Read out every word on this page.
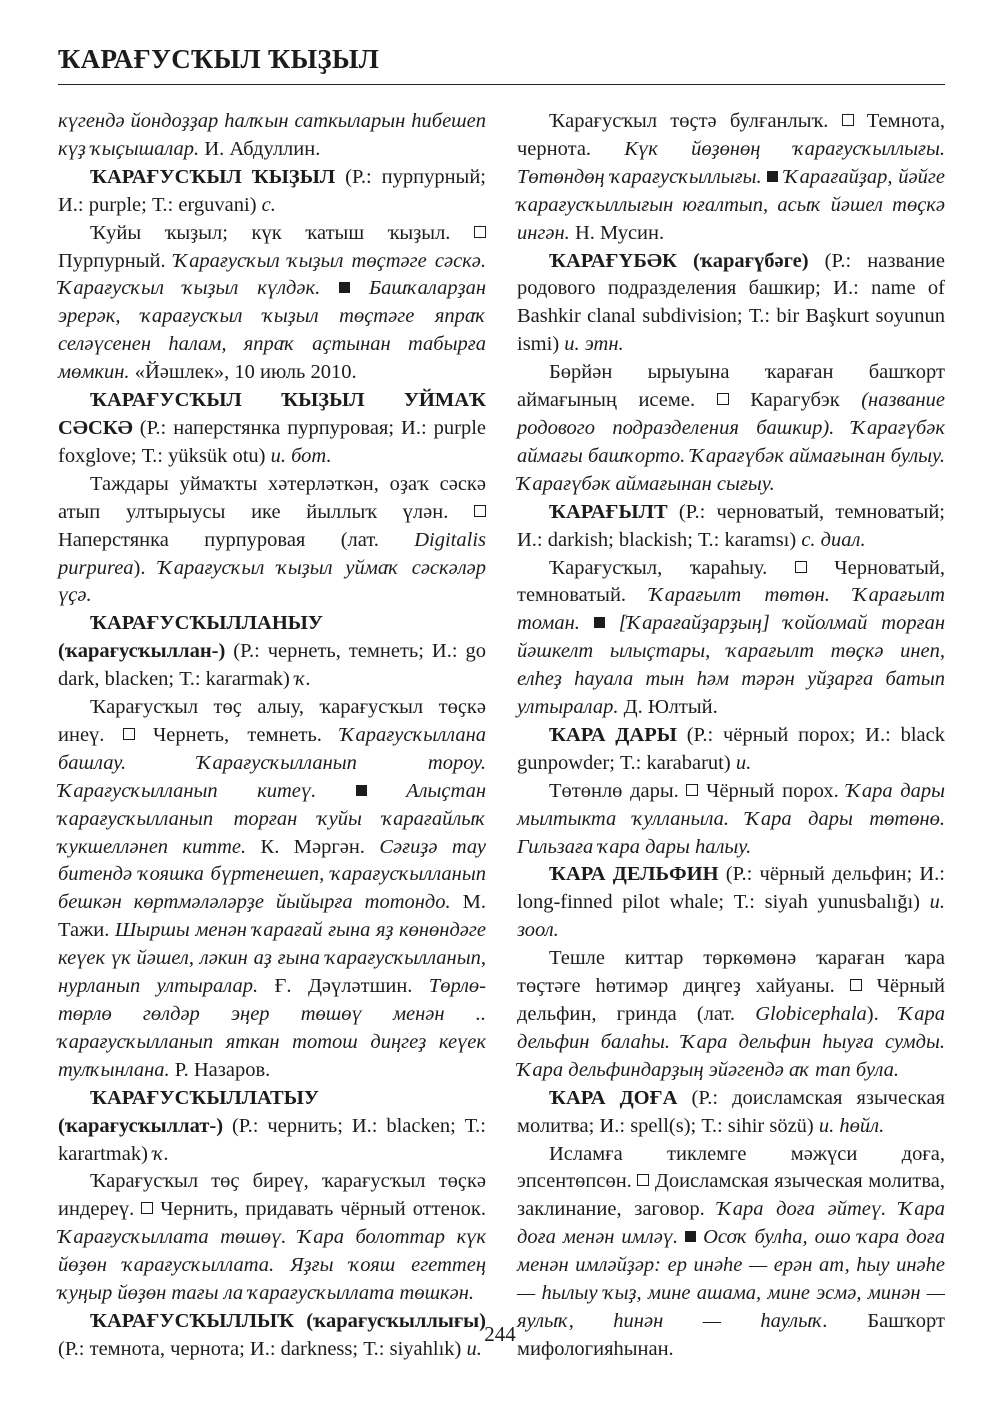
ҠАРАҒУСҠЫЛ ҠЫҘЫЛ

күгендә йондоҙҙар һалҡын саткыларын һибешеп күҙ ҡыҫышалар. И. Абдуллин.

ҠАРАҒУСҠЫЛ ҠЫҘЫЛ (Р.: пурпурный; И.: purple; Т.: erguvani) с.

Ҡуйы ҡыҙыл; күк ҡатыш ҡыҙыл.  Пурпурный. Ҡарағусҡыл ҡыҙыл төҫтәге сәскә. Ҡарағусҡыл ҡыҙыл күлдәк.  Башҡаларҙан эрерәк, ҡарағусҡыл ҡыҙыл төҫтәге япраҡ селәүсенен һалам, япраҡ аҫтынан табырға мөмкин. «Йәшлек», 10 июль 2010.

ҠАРАҒУСҠЫЛ ҠЫҘЫЛ УЙМАҠ СӘСКӘ (Р.: наперстянка пурпуровая; И.: purple foxglove; Т.: yüksük otu) и. бот.

Таждары уймаҡты хәтерләткән, оҙаҡ сәскә атып ултырыусы ике йыллыҡ үлән.  Наперстянка пурпуровая (лат. Digitalis purpurea). Ҡарағусҡыл ҡыҙыл уймаҡ сәскәләр үҫә.

ҠАРАҒУСҠЫЛЛАНЫУ (ҡарағусҡыллан-) (Р.: чернеть, темнеть; И.: go dark, blacken; Т.: kararmak) ҡ.

Ҡарағусҡыл төҫ алыу, ҡарағусҡыл төҫкә инеү.  Чернеть, темнеть. Ҡарағусҡыллана башлау. Ҡарағусҡылланып тороу. Ҡарағусҡылланып китеү.  Алыҫтан ҡарағусҡылланып торған ҡуйы ҡарағайлыҡ ҡукшелләнеп китте. К. Мәргән. Сәғиҙә тау битендә ҡояшка бүртенешеп, ҡарағусҡылланып бешкән көртмәләләрҙе йыйырға тотондо. М. Тажи. Шыршы менән ҡарағай ғына яҙ көнөндәге кеүек үк йәшел, ләкин аҙ ғына ҡарағусҡылланып, нурланып ултыралар. Ғ. Дәүләтшин. Төрлө-төрлө гөлдәр эңер төшөү менән .. ҡарағусҡылланып яткан тотош диңгеҙ кеүек тулҡынлана. Р. Назаров.

ҠАРАҒУСҠЫЛЛАТЫУ (ҡарағусҡыллат-) (Р.: чернить; И.: blacken; Т.: karartmak) ҡ.

Ҡарағусҡыл төҫ биреү, ҡарағусҡыл төҫкә индереү.  Чернить, придавать чёрный оттенок. Ҡарағусҡыллата төшөү. Ҡара болоттар күк йөҙөн ҡарағусҡыллата. Яҙғы ҡояш егеттең ҡуңыр йөҙөн тағы ла ҡарағусҡыллата төшкән.

ҠАРАҒУСҠЫЛЛЫҠ (ҡарағусҡыллығы) (Р.: темнота, чернота; И.: darkness; Т.: siyahlık) и.

Ҡарағусҡыл төҫтә булғанлыҡ.  Темнота, чернота. Күк йөҙөнөң ҡарағусҡыллығы. Төтөндөң ҡарағусҡыллығы.  Ҡарағайҙар, йәйге ҡарағусҡыллығын юғалтып, асыҡ йәшел төҫкә ингән. Н. Мусин.

ҠАРАҒҮБӘК (ҡарағүбәге) (Р.: название родового подразделения башкир; И.: name of Bashkir clanal subdivision; Т.: bir Başkurt soyunun ismi) и. этн.

Бөрйән ырыуына ҡараған башҡорт аймағының исеме.  Карагубэк (название родового подразделения башкир). Ҡарағүбәк аймағы башҡорто. Ҡарағүбәк аймағынан булыу. Ҡарағүбәк аймағынан сығыу.

ҠАРАҒЫЛТ (Р.: черноватый, темноватый; И.: darkish; blackish; Т.: karamsı) с. диал.

Ҡарағусҡыл, ҡараһыу.  Черноватый, темноватый. Ҡарағылт төтөн. Ҡарағылт томан.  [Ҡарағайҙарҙың] ҡойолмай торған йәшкелт ылыҫтары, ҡарағылт төҫкә инеп, елһеҙ һауала тын һәм тәрән уйҙарға батып ултыралар. Д. Юлтый.

ҠАРА ДАРЫ (Р.: чёрный порох; И.: black gunpowder; Т.: karabarut) и.

Төтөнлө дары.  Чёрный порох. Ҡара дары мылтыкта ҡулланыла. Ҡара дары төтөнө. Гильзаға ҡара дары һалыу.

ҠАРА ДЕЛЬФИН (Р.: чёрный дельфин; И.: long-finned pilot whale; Т.: siyah yunusbalığı) и. зоол.

Тешле киттар төркөмөнә ҡараған ҡара төҫтәге һөтимәр диңгеҙ хайуаны.  Чёрный дельфин, гринда (лат. Globicephala). Ҡара дельфин балаһы. Ҡара дельфин һыуға сумды. Ҡара дельфиндарҙың эйәгендә аҡ тап була.

ҠАРА ДОҒА (Р.: доисламская языческая молитва; И.: spell(s); Т.: sihir sözü) и. һөйл.

Исламға тиклемге мәжүси доға, эпсентөпсөн.  Доисламская языческая молитва, заклинание, заговор. Ҡара доға әйтеү. Ҡара доға менән имләү.  Осоҡ булһа, ошо ҡара доға менән имләйҙәр: ер инәһе — ерән ат, һыу инәһе — һылыу ҡыҙ, мине ашама, мине эсмә, минән — яулыҡ, һинән — һаулыҡ. Башҡорт мифологияһынан.

244
